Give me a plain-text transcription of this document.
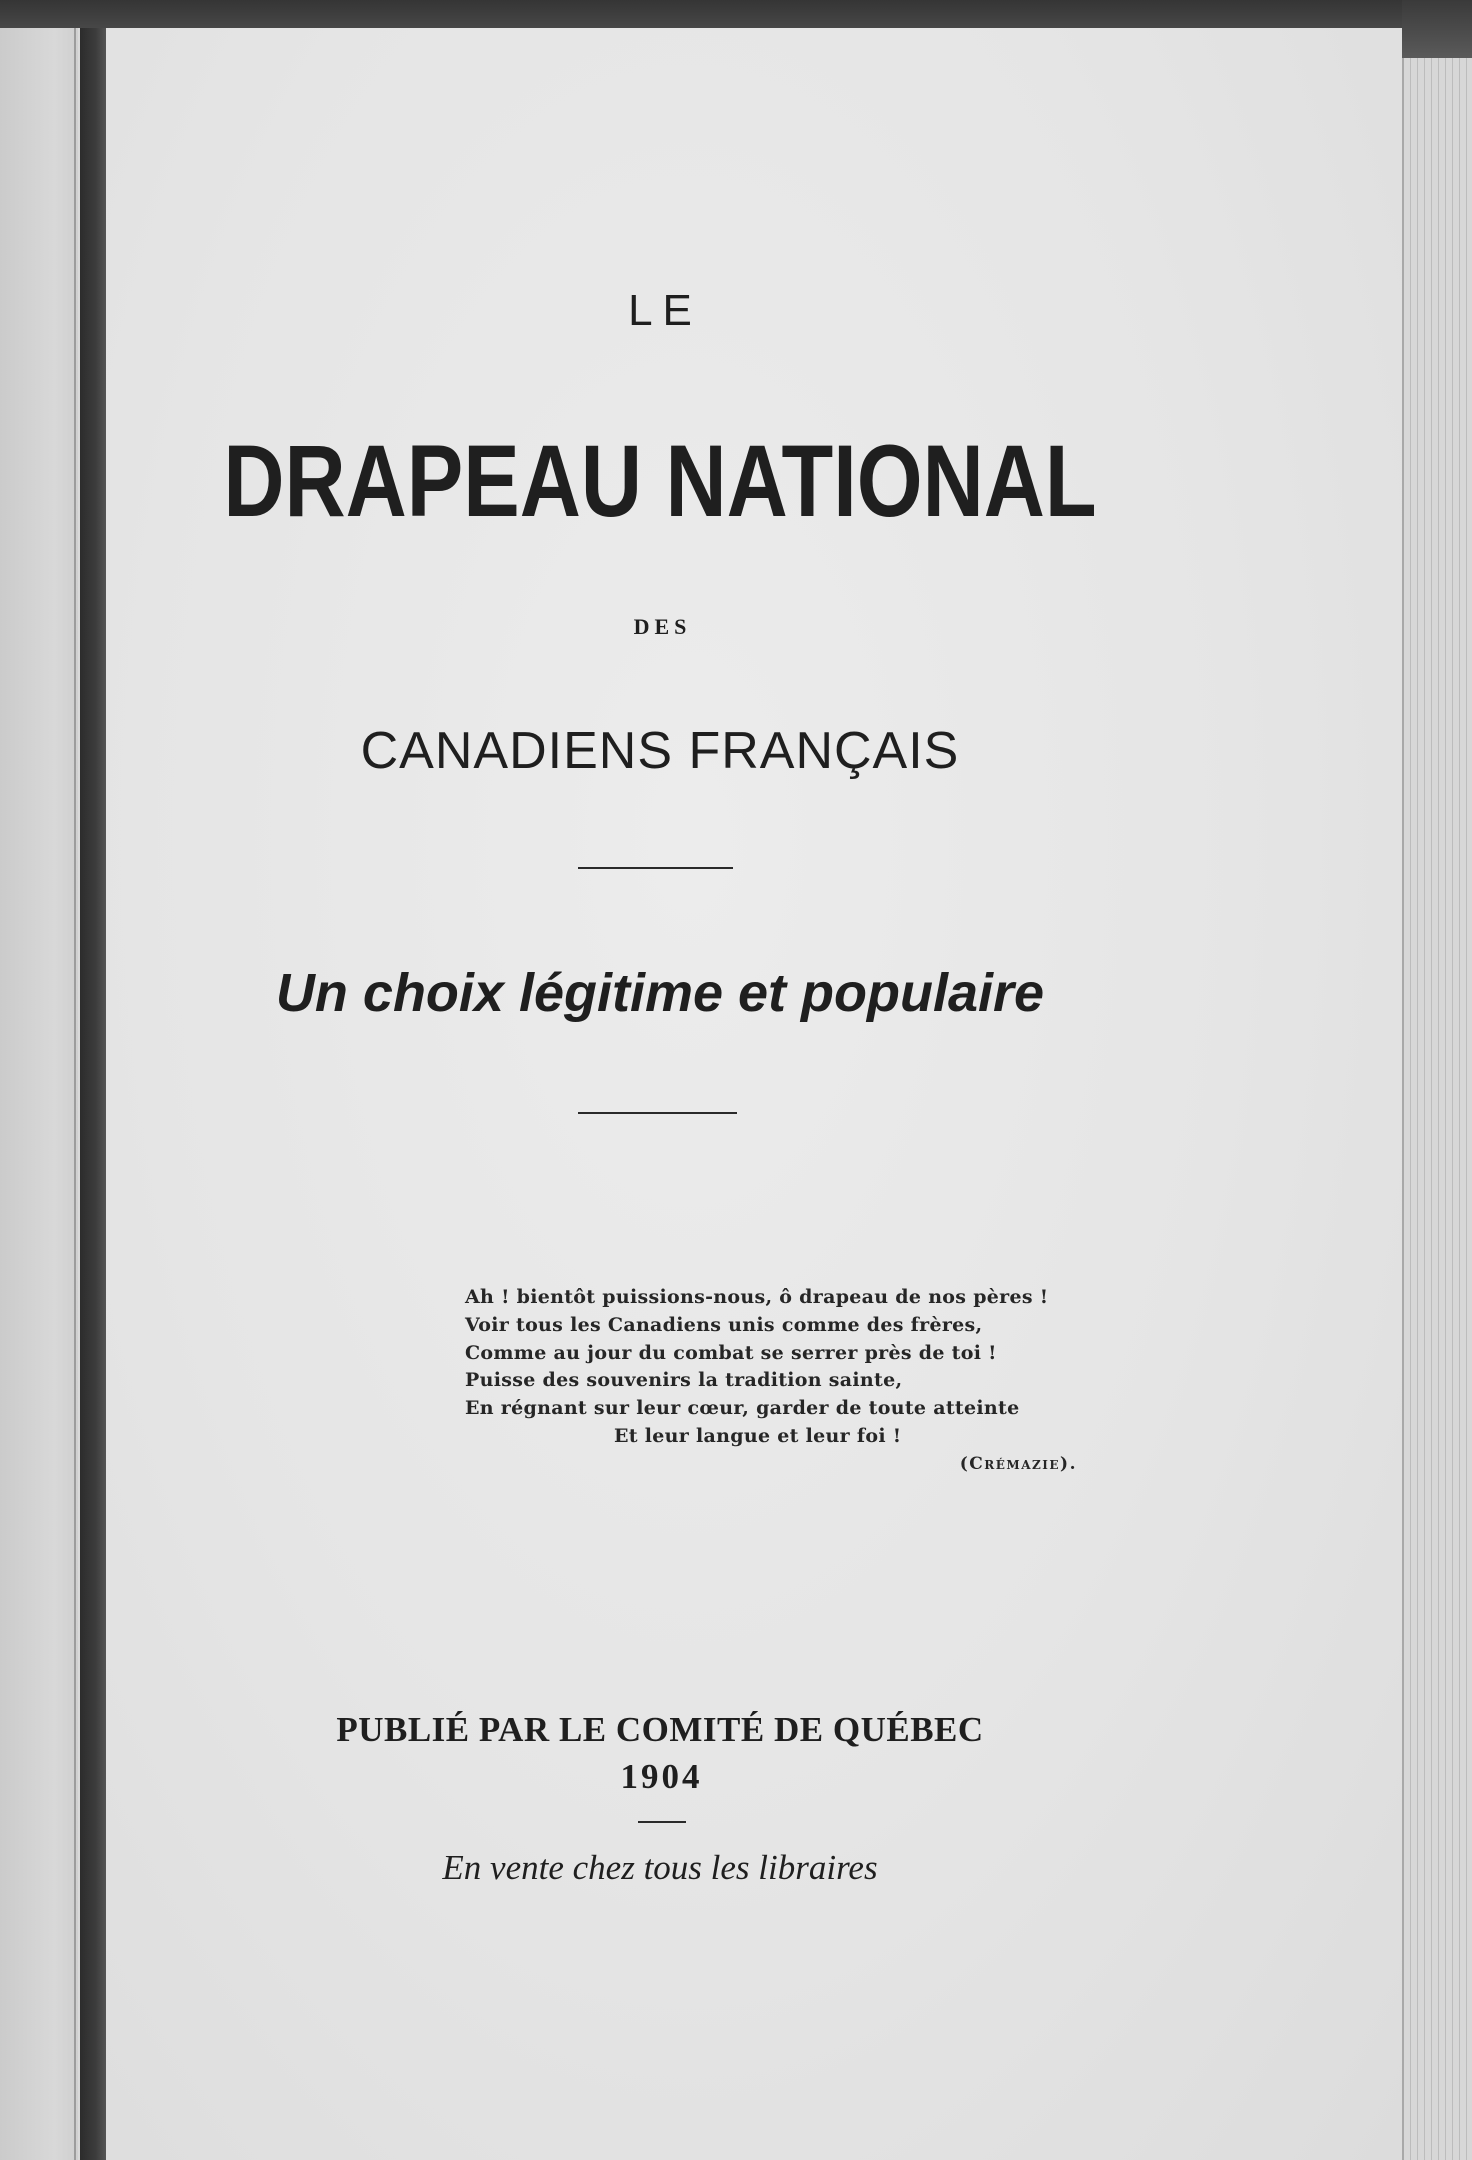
LE
DRAPEAU NATIONAL
DES
CANADIENS FRANÇAIS
Un choix légitime et populaire
Ah ! bientôt puissions-nous, ô drapeau de nos pères !
Voir tous les Canadiens unis comme des frères,
Comme au jour du combat se serrer près de toi !
Puisse des souvenirs la tradition sainte,
En régnant sur leur cœur, garder de toute atteinte
Et leur langue et leur foi !
(Crémazie).
PUBLIÉ PAR LE COMITÉ DE QUÉBEC
1904
En vente chez tous les libraires
